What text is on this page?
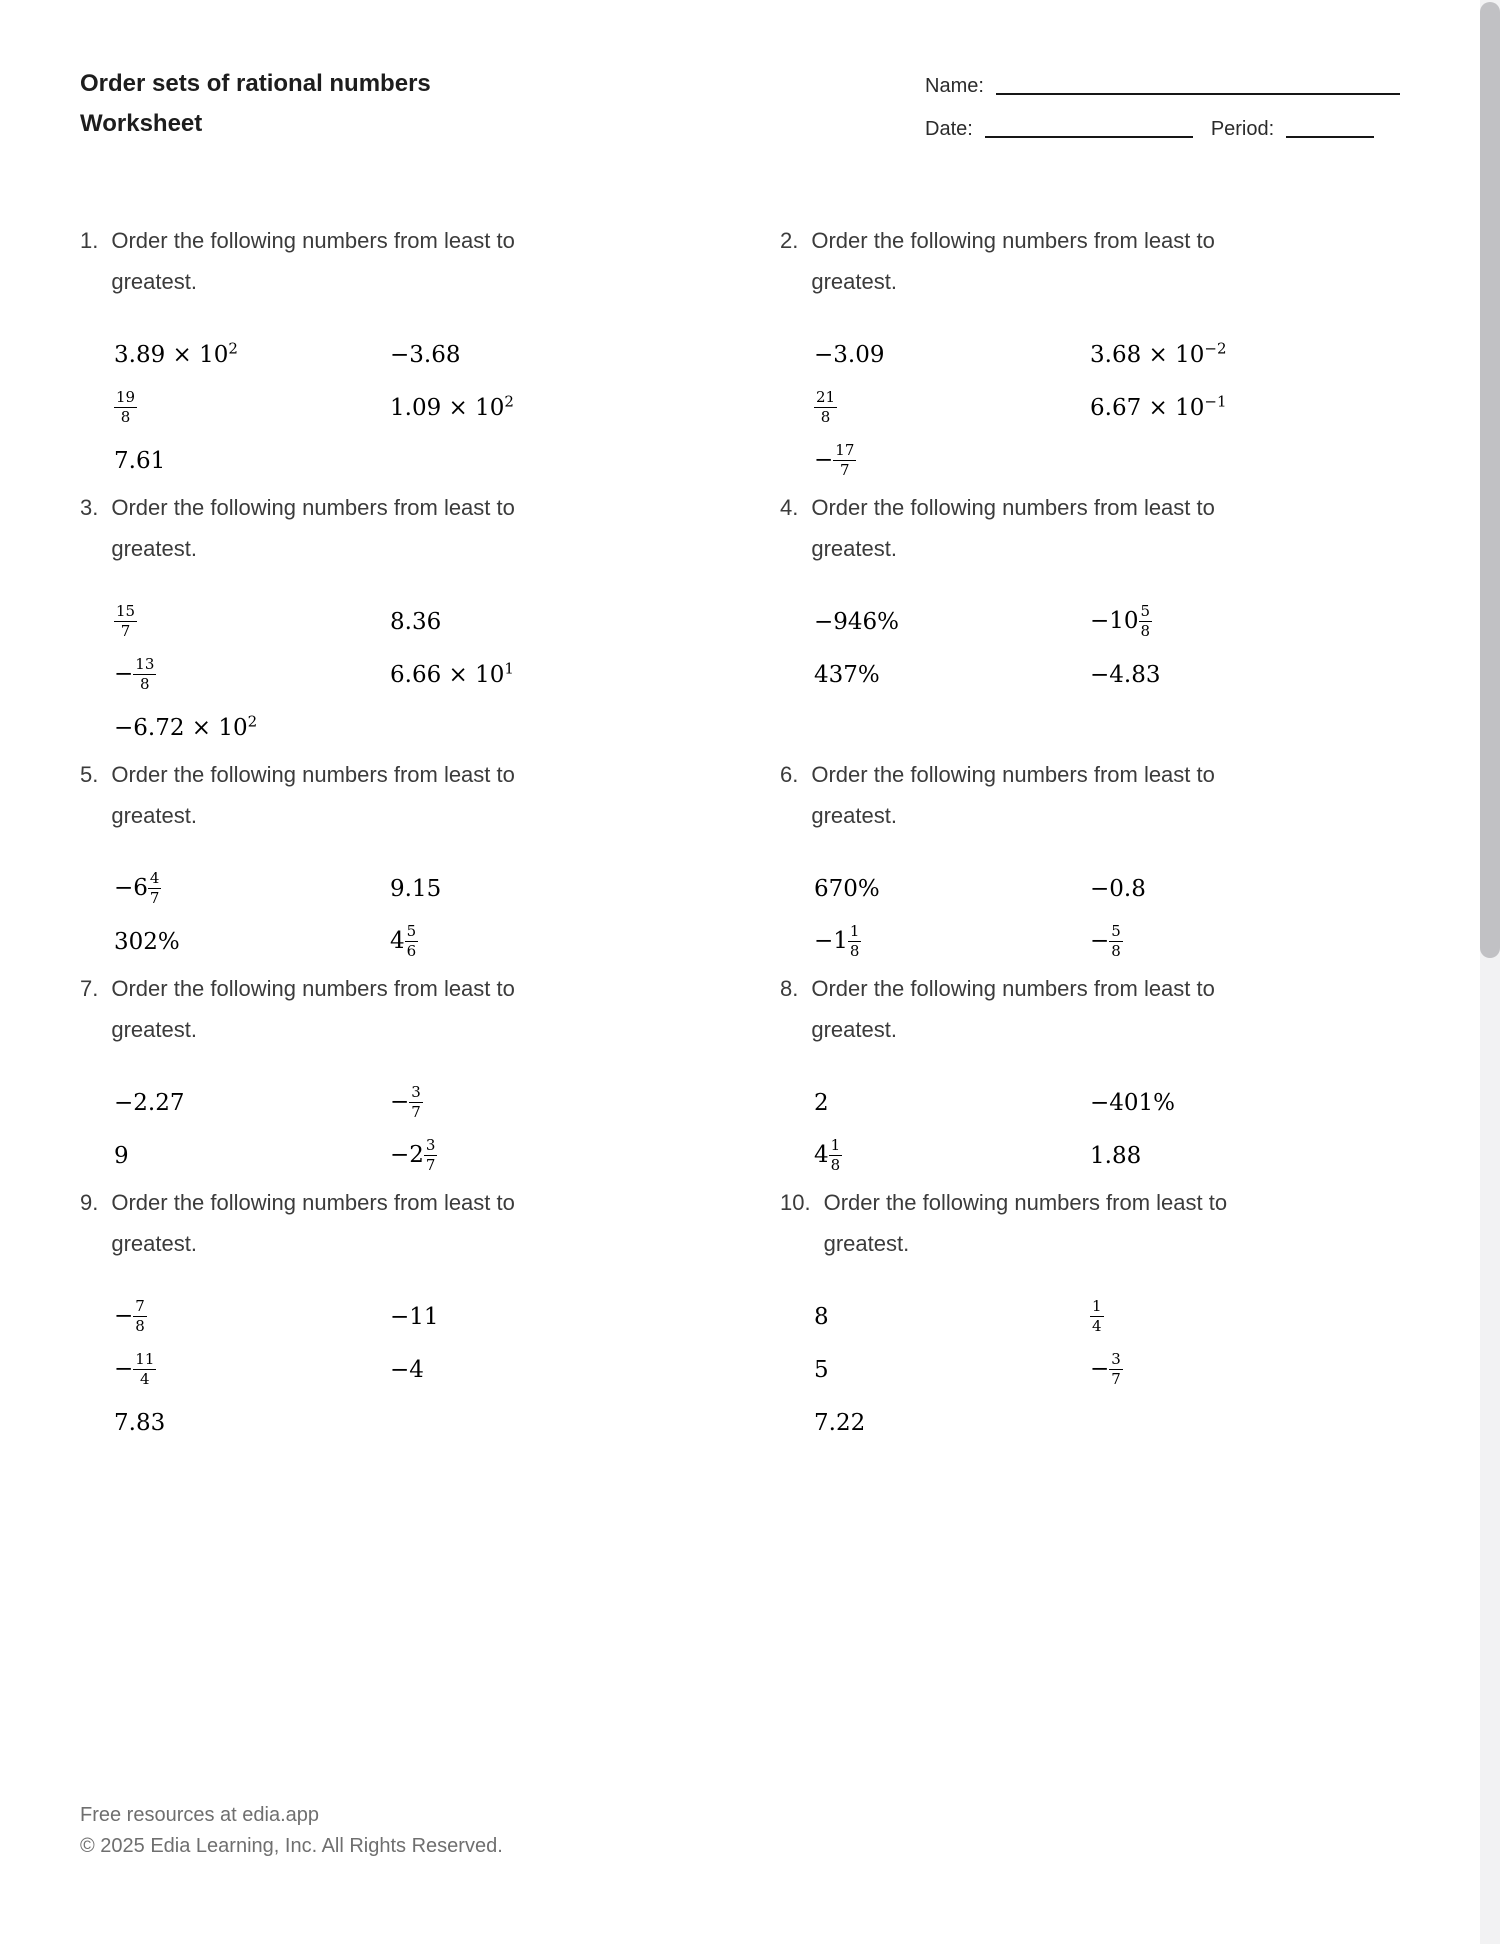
Order sets of rational numbers
Worksheet
Name:
Date:	Period:
1. Order the following numbers from least to
greatest.
$3.89 \times 10^2$	−3.68
$\frac{19}{8}$	$1.09 \times 10^2$
7.61
2. Order the following numbers from least to
greatest.
−3.09	$3.68 \times 10^{-2}$
$\frac{21}{8}$	$6.67 \times 10^{-1}$
− $\frac{17}{7}$
3. Order the following numbers from least to
greatest.
$\frac{15}{7}$	8.36
− $\frac{13}{8}$	$6.66 \times 10^1$
$-6.72 \times 10^2$
4. Order the following numbers from least to
greatest.
−946%	$-10 \frac{5}{8}$
437%	−4.83
5. Order the following numbers from least to
greatest.
$-6 \frac{4}{7}$	9.15
302%	$4 \frac{5}{6}$
6. Order the following numbers from least to
greatest.
670%	−0.8
$-1 \frac{1}{8}$	− $\frac{5}{8}$
7. Order the following numbers from least to
greatest.
−2.27	− $\frac{3}{7}$
9	$-2 \frac{3}{7}$
8. Order the following numbers from least to
greatest.
2	−401%
$4 \frac{1}{8}$	1.88
9. Order the following numbers from least to
greatest.
− $\frac{7}{8}$	−11
− $\frac{11}{4}$	−4
7.83
10. Order the following numbers from least to
greatest.
8	$\frac{1}{4}$
5	− $\frac{3}{7}$
7.22
Free resources at edia.app
© 2025 Edia Learning, Inc. All Rights Reserved.
